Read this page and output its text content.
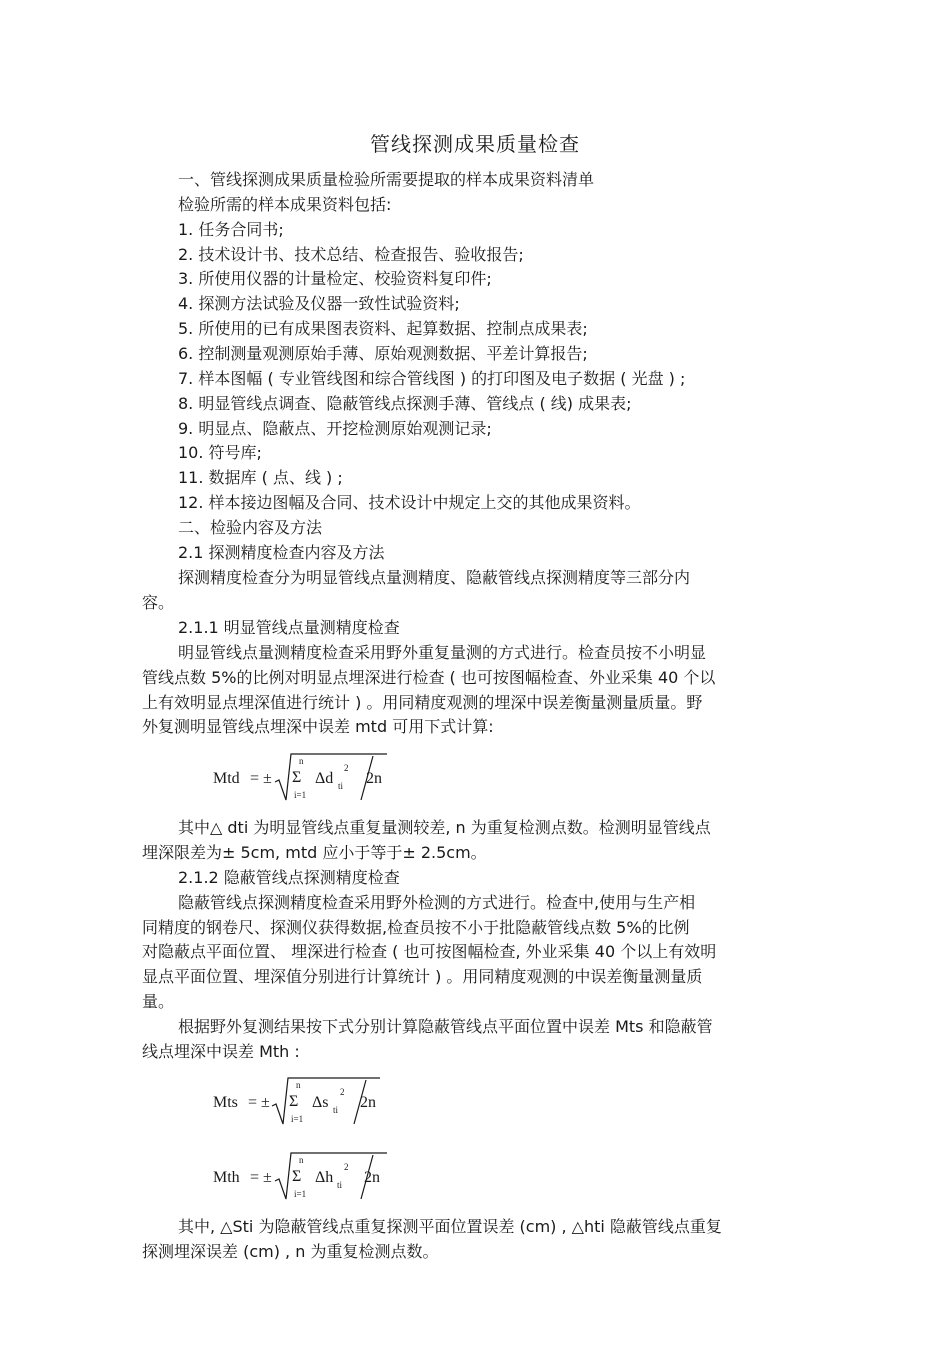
管线探测成果质量检查
一、管线探测成果质量检验所需要提取的样本成果资料清单
检验所需的样本成果资料包括:
1. 任务合同书;
2. 技术设计书、技术总结、检查报告、验收报告;
3. 所使用仪器的计量检定、校验资料复印件;
4. 探测方法试验及仪器一致性试验资料;
5. 所使用的已有成果图表资料、起算数据、控制点成果表;
6. 控制测量观测原始手薄、原始观测数据、平差计算报告;
7. 样本图幅 ( 专业管线图和综合管线图 ) 的打印图及电子数据 ( 光盘 ) ;
8. 明显管线点调查、隐蔽管线点探测手薄、管线点 ( 线) 成果表;
9. 明显点、隐蔽点、开挖检测原始观测记录;
10. 符号库;
11. 数据库 ( 点、线 ) ;
12. 样本接边图幅及合同、技术设计中规定上交的其他成果资料。
二、检验内容及方法
2.1 探测精度检查内容及方法
探测精度检查分为明显管线点量测精度、隐蔽管线点探测精度等三部分内
容。
2.1.1 明显管线点量测精度检查
明显管线点量测精度检查采用野外重复量测的方式进行。检查员按不小明显
管线点数 5%的比例对明显点埋深进行检查 ( 也可按图幅检查、外业采集 40 个以
上有效明显点埋深值进行统计 ) 。用同精度观测的埋深中误差衡量测量质量。野
外复测明显管线点埋深中误差 mtd 可用下式计算:
Mtd = ±
n
Σ
i=1
Δd ti
2
2n
其中△ dti 为明显管线点重复量测较差, n 为重复检测点数。检测明显管线点
埋深限差为± 5cm, mtd 应小于等于± 2.5cm。
2.1.2 隐蔽管线点探测精度检查
隐蔽管线点探测精度检查采用野外检测的方式进行。检查中,使用与生产相
同精度的钢卷尺、探测仪获得数据,检查员按不小于批隐蔽管线点数 5%的比例
对隐蔽点平面位置、 埋深进行检查 ( 也可按图幅检查, 外业采集 40 个以上有效明
显点平面位置、埋深值分别进行计算统计 ) 。用同精度观测的中误差衡量测量质
量。
根据野外复测结果按下式分别计算隐蔽管线点平面位置中误差 Mts 和隐蔽管
线点埋深中误差 Mth :
Mts = ±
n
Σ
i=1
Δs ti
2
2n
Mth = ±
n
Σ
i=1
Δh ti
2
2n
其中, △Sti 为隐蔽管线点重复探测平面位置误差 (cm) , △hti 隐蔽管线点重复
探测埋深误差 (cm) , n 为重复检测点数。
